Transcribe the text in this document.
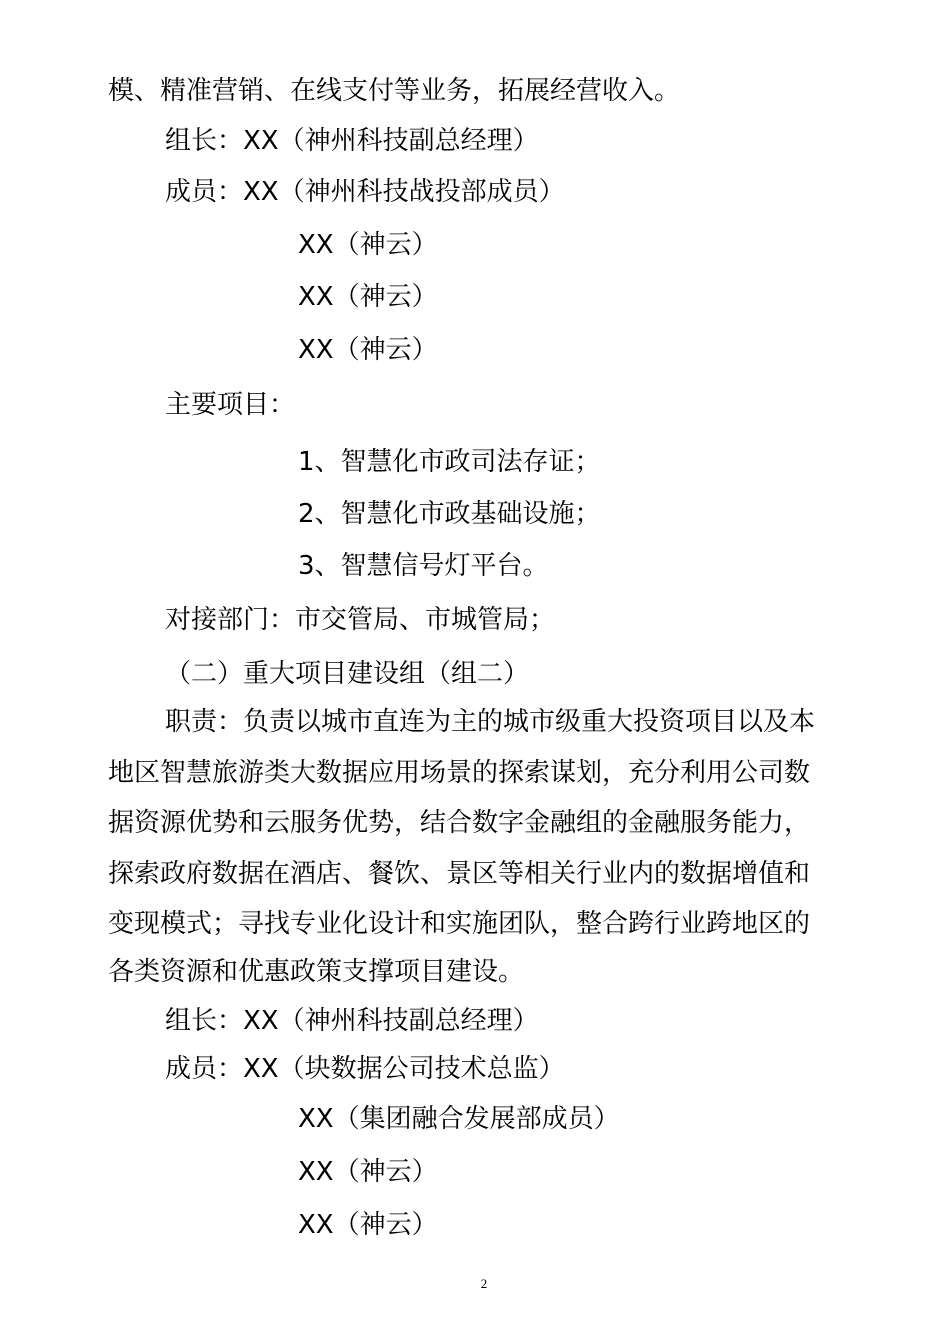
模、精准营销、在线支付等业务，拓展经营收入。
组长：XX（神州科技副总经理）
成员：XX（神州科技战投部成员）
XX（神云）
XX（神云）
XX（神云）
主要项目：
1、智慧化市政司法存证；
2、智慧化市政基础设施；
3、智慧信号灯平台。
对接部门：市交管局、市城管局；
（二）重大项目建设组（组二）
职责：负责以城市直连为主的城市级重大投资项目以及本
地区智慧旅游类大数据应用场景的探索谋划，充分利用公司数
据资源优势和云服务优势，结合数字金融组的金融服务能力，
探索政府数据在酒店、餐饮、景区等相关行业内的数据增值和
变现模式；寻找专业化设计和实施团队，整合跨行业跨地区的
各类资源和优惠政策支撑项目建设。
组长：XX（神州科技副总经理）
成员：XX（块数据公司技术总监）
XX（集团融合发展部成员）
XX（神云）
XX（神云）
2
